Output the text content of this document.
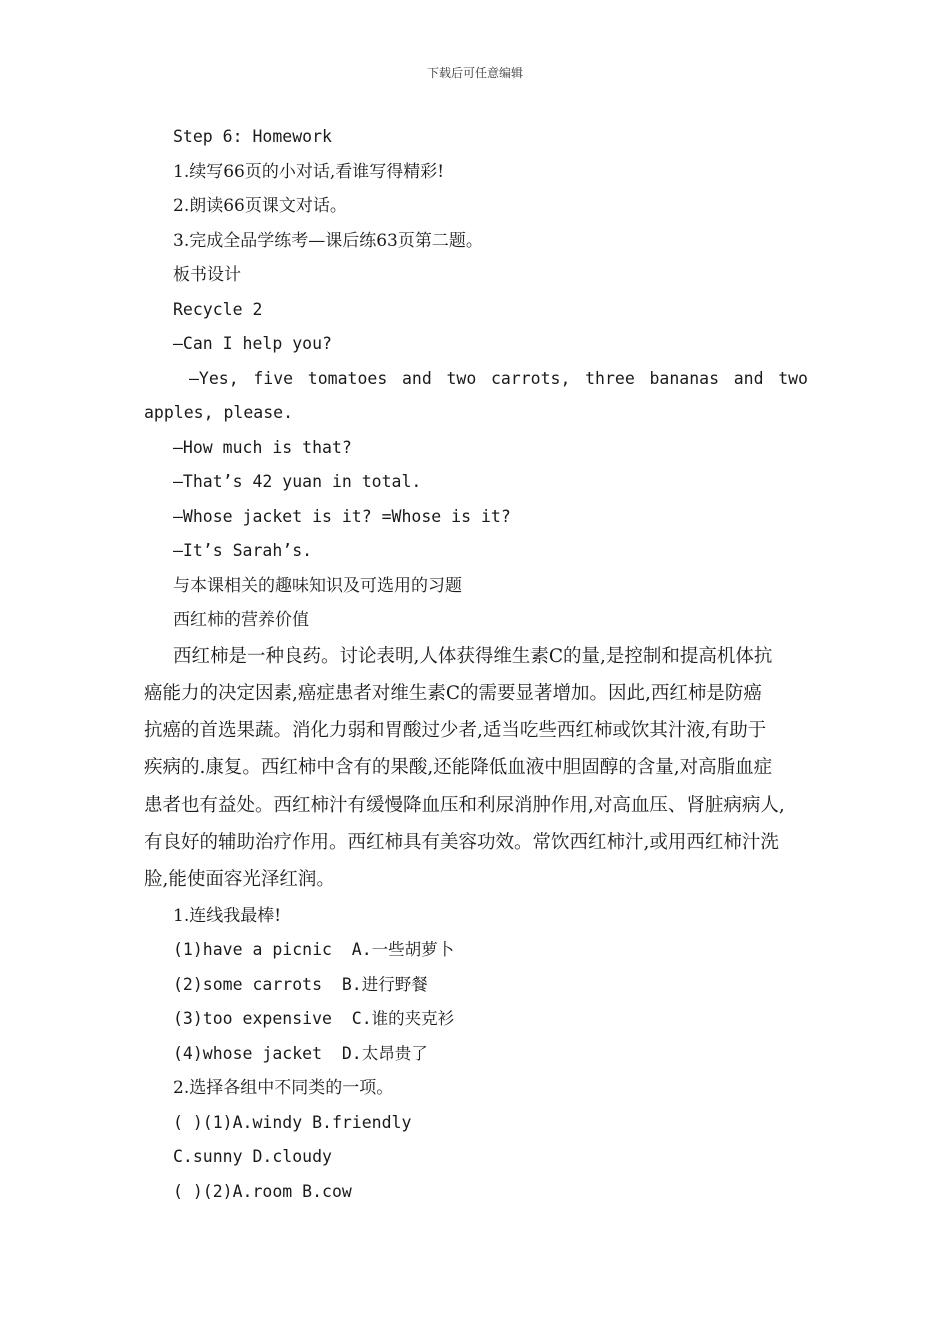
下载后可任意编辑
Step 6: Homework
1.续写66页的小对话,看谁写得精彩!
2.朗读66页课文对话。
3.完成全品学练考—课后练63页第二题。
板书设计
Recycle 2
—Can I help you?
—Yes, five tomatoes and two carrots, three bananas and two
apples, please.
—How much is that?
—That’s 42 yuan in total.
—Whose jacket is it? =Whose is it?
—It’s Sarah’s.
与本课相关的趣味知识及可选用的习题
西红柿的营养价值
西红柿是一种良药。讨论表明,人体获得维生素C的量,是控制和提高机体抗
癌能力的决定因素,癌症患者对维生素C的需要显著增加。因此,西红柿是防癌
抗癌的首选果蔬。消化力弱和胃酸过少者,适当吃些西红柿或饮其汁液,有助于
疾病的.康复。西红柿中含有的果酸,还能降低血液中胆固醇的含量,对高脂血症
患者也有益处。西红柿汁有缓慢降血压和利尿消肿作用,对高血压、肾脏病病人,
有良好的辅助治疗作用。西红柿具有美容功效。常饮西红柿汁,或用西红柿汁洗
脸,能使面容光泽红润。
1.连线我最棒!
(1)have a picnic  A.一些胡萝卜
(2)some carrots  B.进行野餐
(3)too expensive  C.谁的夹克衫
(4)whose jacket  D.太昂贵了
2.选择各组中不同类的一项。
( )(1)A.windy B.friendly
C.sunny D.cloudy
( )(2)A.room B.cow
